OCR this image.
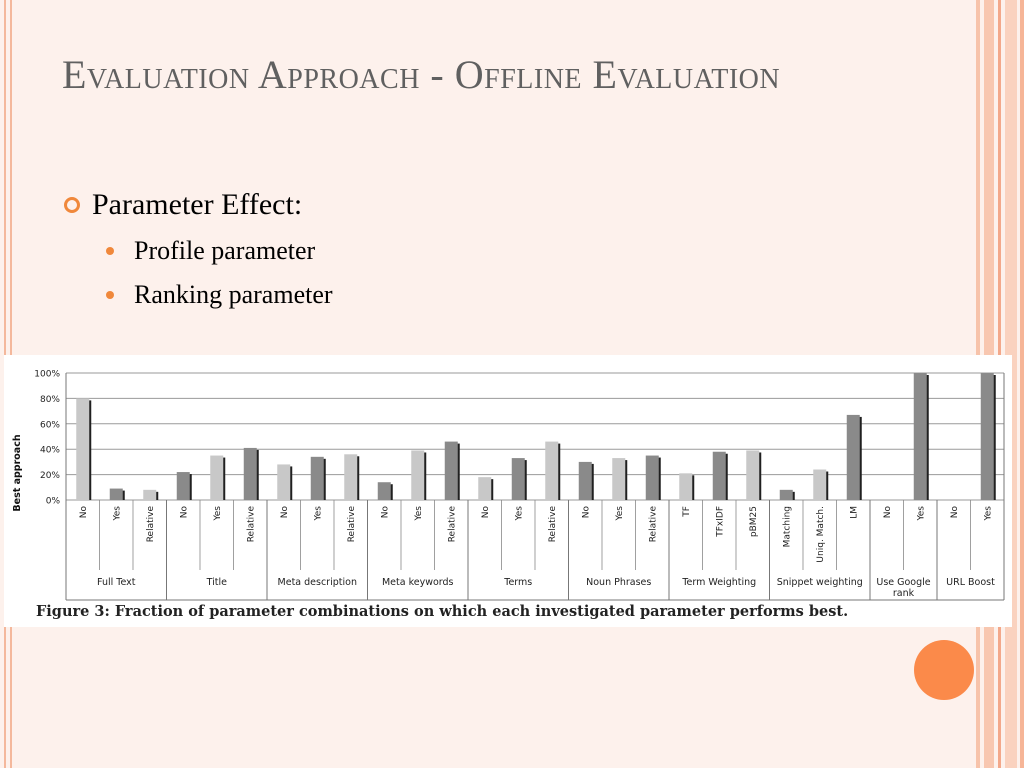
Evaluation Approach - Offline Evaluation
Parameter Effect:
Profile parameter
Ranking parameter
0%
20%
40%
60%
80%
100%
Best approach
Full Text	Title	Meta description	Meta keywords	Terms	Noun Phrases	Term Weighting Snippet weighting Use Google
rank
URL Boost
No	Yes	Relative	No	Yes	Relative	No	Yes	Relative	No	Yes	Relative	No	Yes	Relative	No	Yes	Relative	TF	TFxIDF	pBM25	Matching	Uniq. Match.	LM	No	Yes	No	Yes
Figure 3: Fraction of parameter combinations on which each investigated parameter performs best.
